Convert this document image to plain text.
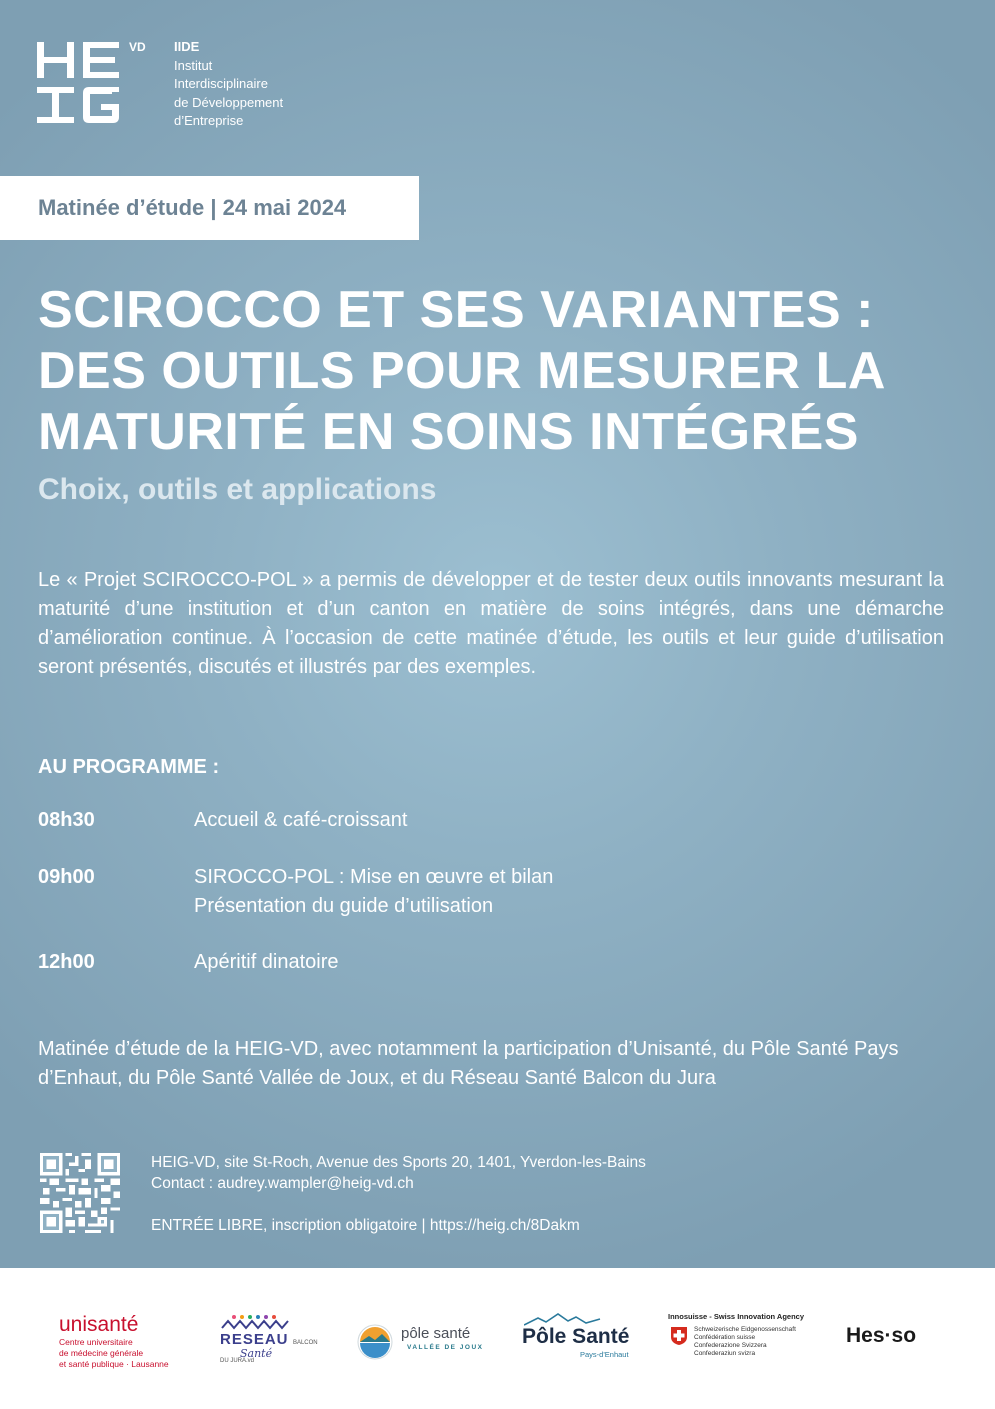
VD IIDE
Institut
Interdisciplinaire
de Développement
d’Entreprise
Matinée d’étude | 24 mai 2024
SCIROCCO ET SES VARIANTES :
DES OUTILS POUR MESURER LA
MATURITÉ EN SOINS INTÉGRÉS
Choix, outils et applications

Le « Projet SCIROCCO-POL » a permis de développer et de tester deux outils innovants mesurant la maturité d’une institution et d’un canton en matière de soins intégrés, dans une démarche d’amélioration continue. À l’occasion de cette matinée d’étude, les outils et leur guide d’utilisation seront présentés, discutés et illustrés par des exemples.

AU PROGRAMME :
08h30	Accueil & café-croissant
09h00	SIROCCO-POL : Mise en œuvre et bilan
Présentation du guide d’utilisation
12h00	Apéritif dinatoire

Matinée d’étude de la HEIG-VD, avec notamment la participation d’Unisanté, du Pôle Santé Pays d’Enhaut, du Pôle Santé Vallée de Joux, et du Réseau Santé Balcon du Jura

HEIG-VD, site St-Roch, Avenue des Sports 20, 1401, Yverdon-les-Bains
Contact : audrey.wampler@heig-vd.ch
ENTRÉE LIBRE, inscription obligatoire | https://heig.ch/8Dakm
unisanté
Centre universitaire
de médecine générale
et santé publique · Lausanne
RESEAU BALCON DU JURA.vd
Santé
pôle santé
VALLÉE DE JOUX Pôle Santé
Pays-d'Enhaut
Innosuisse - Swiss Innovation Agency
Schweizerische Eidgenossenschaft
Confédération suisse
Confederazione Svizzera
Confederaziun svizra
Hes·so
